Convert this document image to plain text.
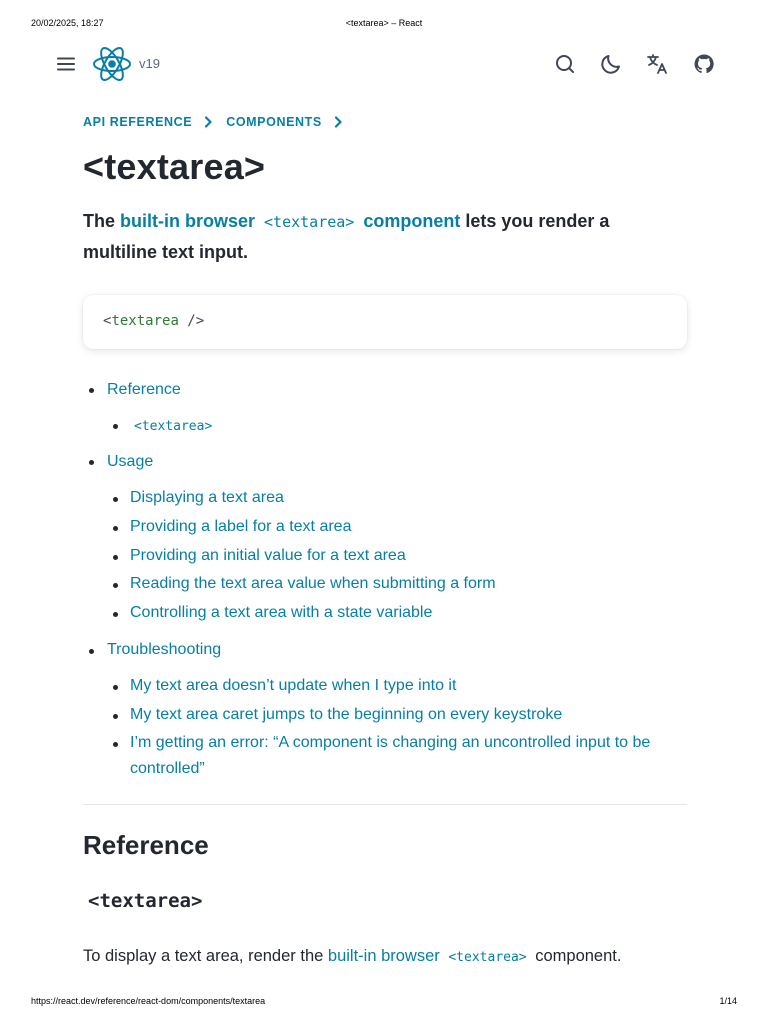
20/02/2025, 18:27	<textarea> – React
v19
API REFERENCE	COMPONENTS
<textarea>

The built-in browser <textarea> component lets you render a multiline text input.

<textarea />
Reference
<textarea>
Usage
Displaying a text area
Providing a label for a text area
Providing an initial value for a text area
Reading the text area value when submitting a form
Controlling a text area with a state variable
Troubleshooting
My text area doesn’t update when I type into it
My text area caret jumps to the beginning on every keystroke
I’m getting an error: “A component is changing an uncontrolled input to be controlled”
Reference
<textarea>

To display a text area, render the built-in browser <textarea> component.

https://react.dev/reference/react-dom/components/textarea	1/14
